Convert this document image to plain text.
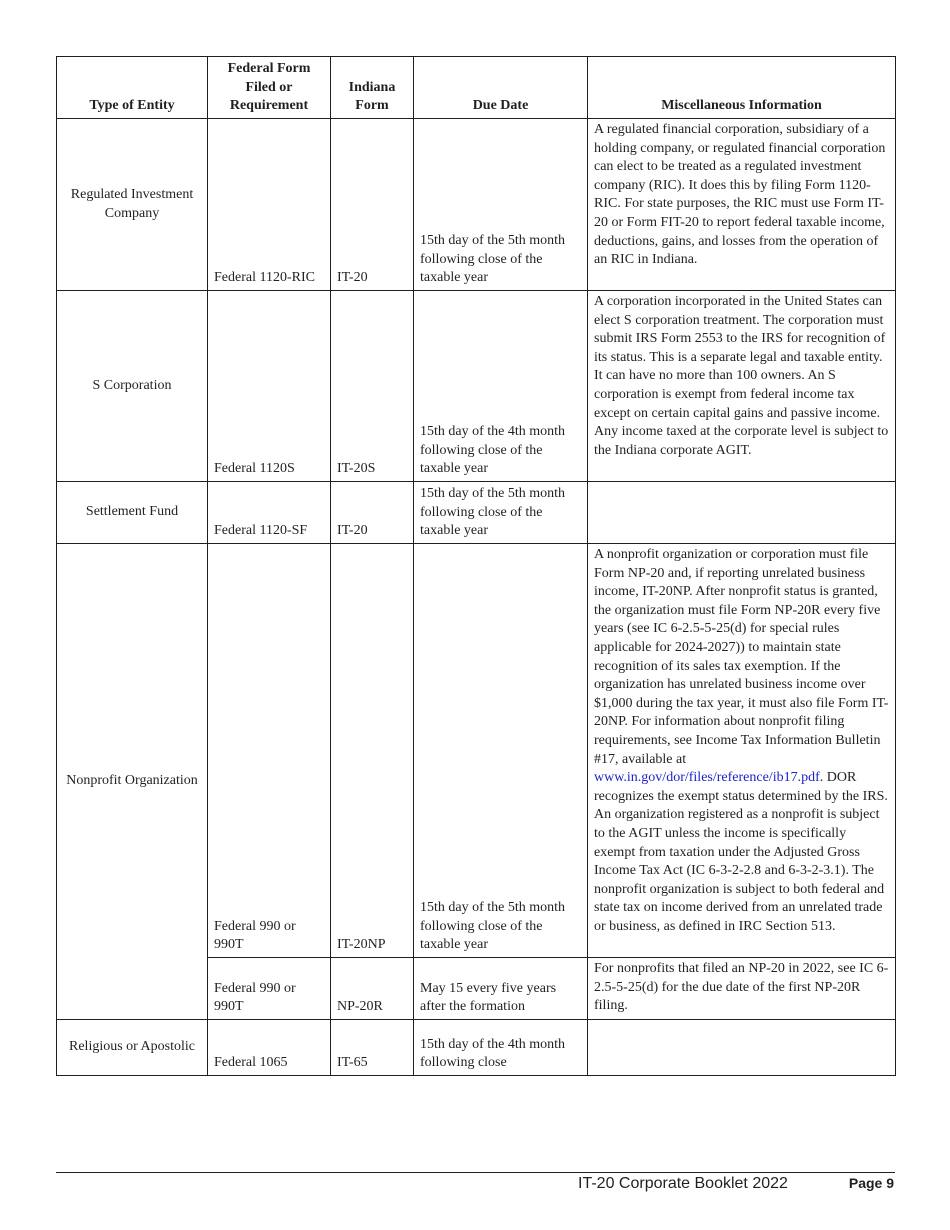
Type of Entity	Federal Form Filed or Requirement	Indiana Form	Due Date	Miscellaneous Information
Regulated Investment Company	Federal 1120-RIC	IT-20	15th day of the 5th month following close of the taxable year	A regulated financial corporation, subsidiary of a holding company, or regulated financial corporation can elect to be treated as a regulated investment company (RIC). It does this by filing Form 1120-RIC. For state purposes, the RIC must use Form IT-20 or Form FIT-20 to report federal taxable income, deductions, gains, and losses from the operation of an RIC in Indiana.
S Corporation	Federal 1120S	IT-20S	15th day of the 4th month following close of the taxable year	A corporation incorporated in the United States can elect S corporation treatment. The corporation must submit IRS Form 2553 to the IRS for recognition of its status. This is a separate legal and taxable entity. It can have no more than 100 owners. An S corporation is exempt from federal income tax except on certain capital gains and passive income. Any income taxed at the corporate level is subject to the Indiana corporate AGIT.
Settlement Fund	Federal 1120-SF	IT-20	15th day of the 5th month following close of the taxable year	
Nonprofit Organization	Federal 990 or 990T	IT-20NP	15th day of the 5th month following close of the taxable year	A nonprofit organization or corporation must file Form NP-20 and, if reporting unrelated business income, IT-20NP. After nonprofit status is granted, the organization must file Form NP-20R every five years (see IC 6-2.5-5-25(d) for special rules applicable for 2024-2027)) to maintain state recognition of its sales tax exemption. If the organization has unrelated business income over $1,000 during the tax year, it must also file Form IT-20NP. For information about nonprofit filing requirements, see Income Tax Information Bulletin #17, available at www.in.gov/dor/files/reference/ib17.pdf. DOR recognizes the exempt status determined by the IRS. An organization registered as a nonprofit is subject to the AGIT unless the income is specifically exempt from taxation under the Adjusted Gross Income Tax Act (IC 6-3-2-2.8 and 6-3-2-3.1). The nonprofit organization is subject to both federal and state tax on income derived from an unrelated trade or business, as defined in IRC Section 513.
	Federal 990 or 990T	NP-20R	May 15 every five years after the formation	For nonprofits that filed an NP-20 in 2022, see IC 6-2.5-5-25(d) for the due date of the first NP-20R filing.
Religious or Apostolic	Federal 1065	IT-65	15th day of the 4th month following close	
IT-20 Corporate Booklet 2022	Page 9
